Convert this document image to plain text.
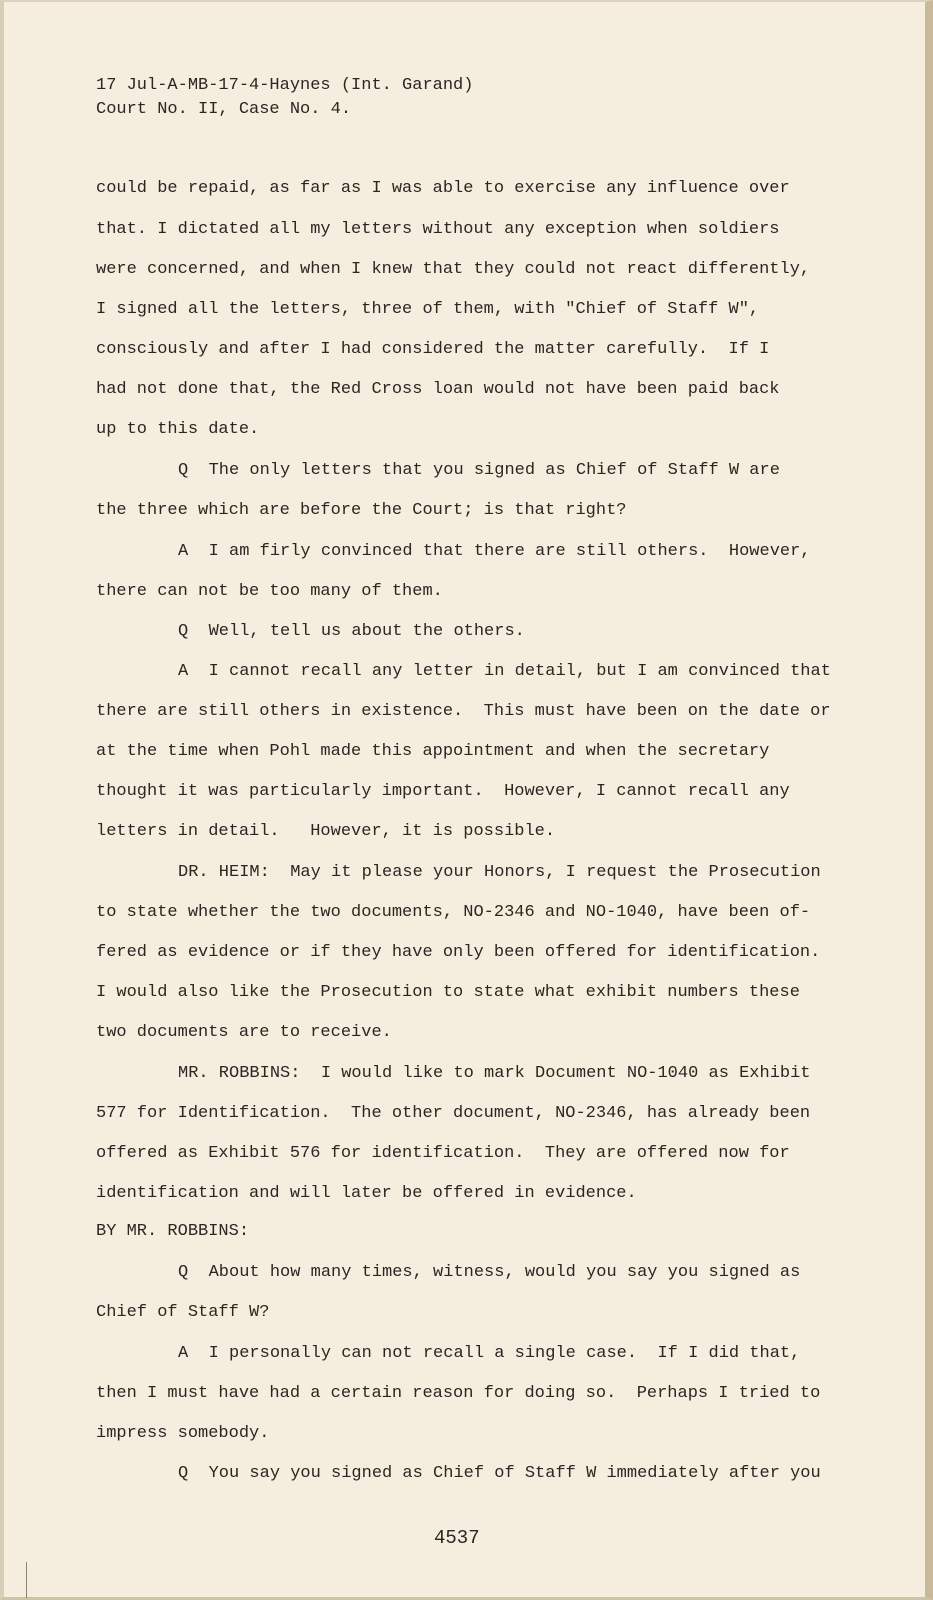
17 Jul-A-MB-17-4-Haynes (Int. Garand)
Court No. II, Case No. 4.
could be repaid, as far as I was able to exercise any influence over
that. I dictated all my letters without any exception when soldiers
were concerned, and when I knew that they could not react differently,
I signed all the letters, three of them, with "Chief of Staff W",
consciously and after I had considered the matter carefully.  If I
had not done that, the Red Cross loan would not have been paid back
up to this date.
Q  The only letters that you signed as Chief of Staff W are
the three which are before the Court; is that right?
A  I am firly convinced that there are still others.  However,
there can not be too many of them.
Q  Well, tell us about the others.
A  I cannot recall any letter in detail, but I am convinced that
there are still others in existence.  This must have been on the date or
at the time when Pohl made this appointment and when the secretary
thought it was particularly important.  However, I cannot recall any
letters in detail.   However, it is possible.
DR. HEIM:  May it please your Honors, I request the Prosecution
to state whether the two documents, NO-2346 and NO-1040, have been of-
fered as evidence or if they have only been offered for identification.
I would also like the Prosecution to state what exhibit numbers these
two documents are to receive.
MR. ROBBINS:  I would like to mark Document NO-1040 as Exhibit
577 for Identification.  The other document, NO-2346, has already been
offered as Exhibit 576 for identification.  They are offered now for
identification and will later be offered in evidence.
BY MR. ROBBINS:
Q  About how many times, witness, would you say you signed as
Chief of Staff W?
A  I personally can not recall a single case.  If I did that,
then I must have had a certain reason for doing so.  Perhaps I tried to
impress somebody.
Q  You say you signed as Chief of Staff W immediately after you
4537
